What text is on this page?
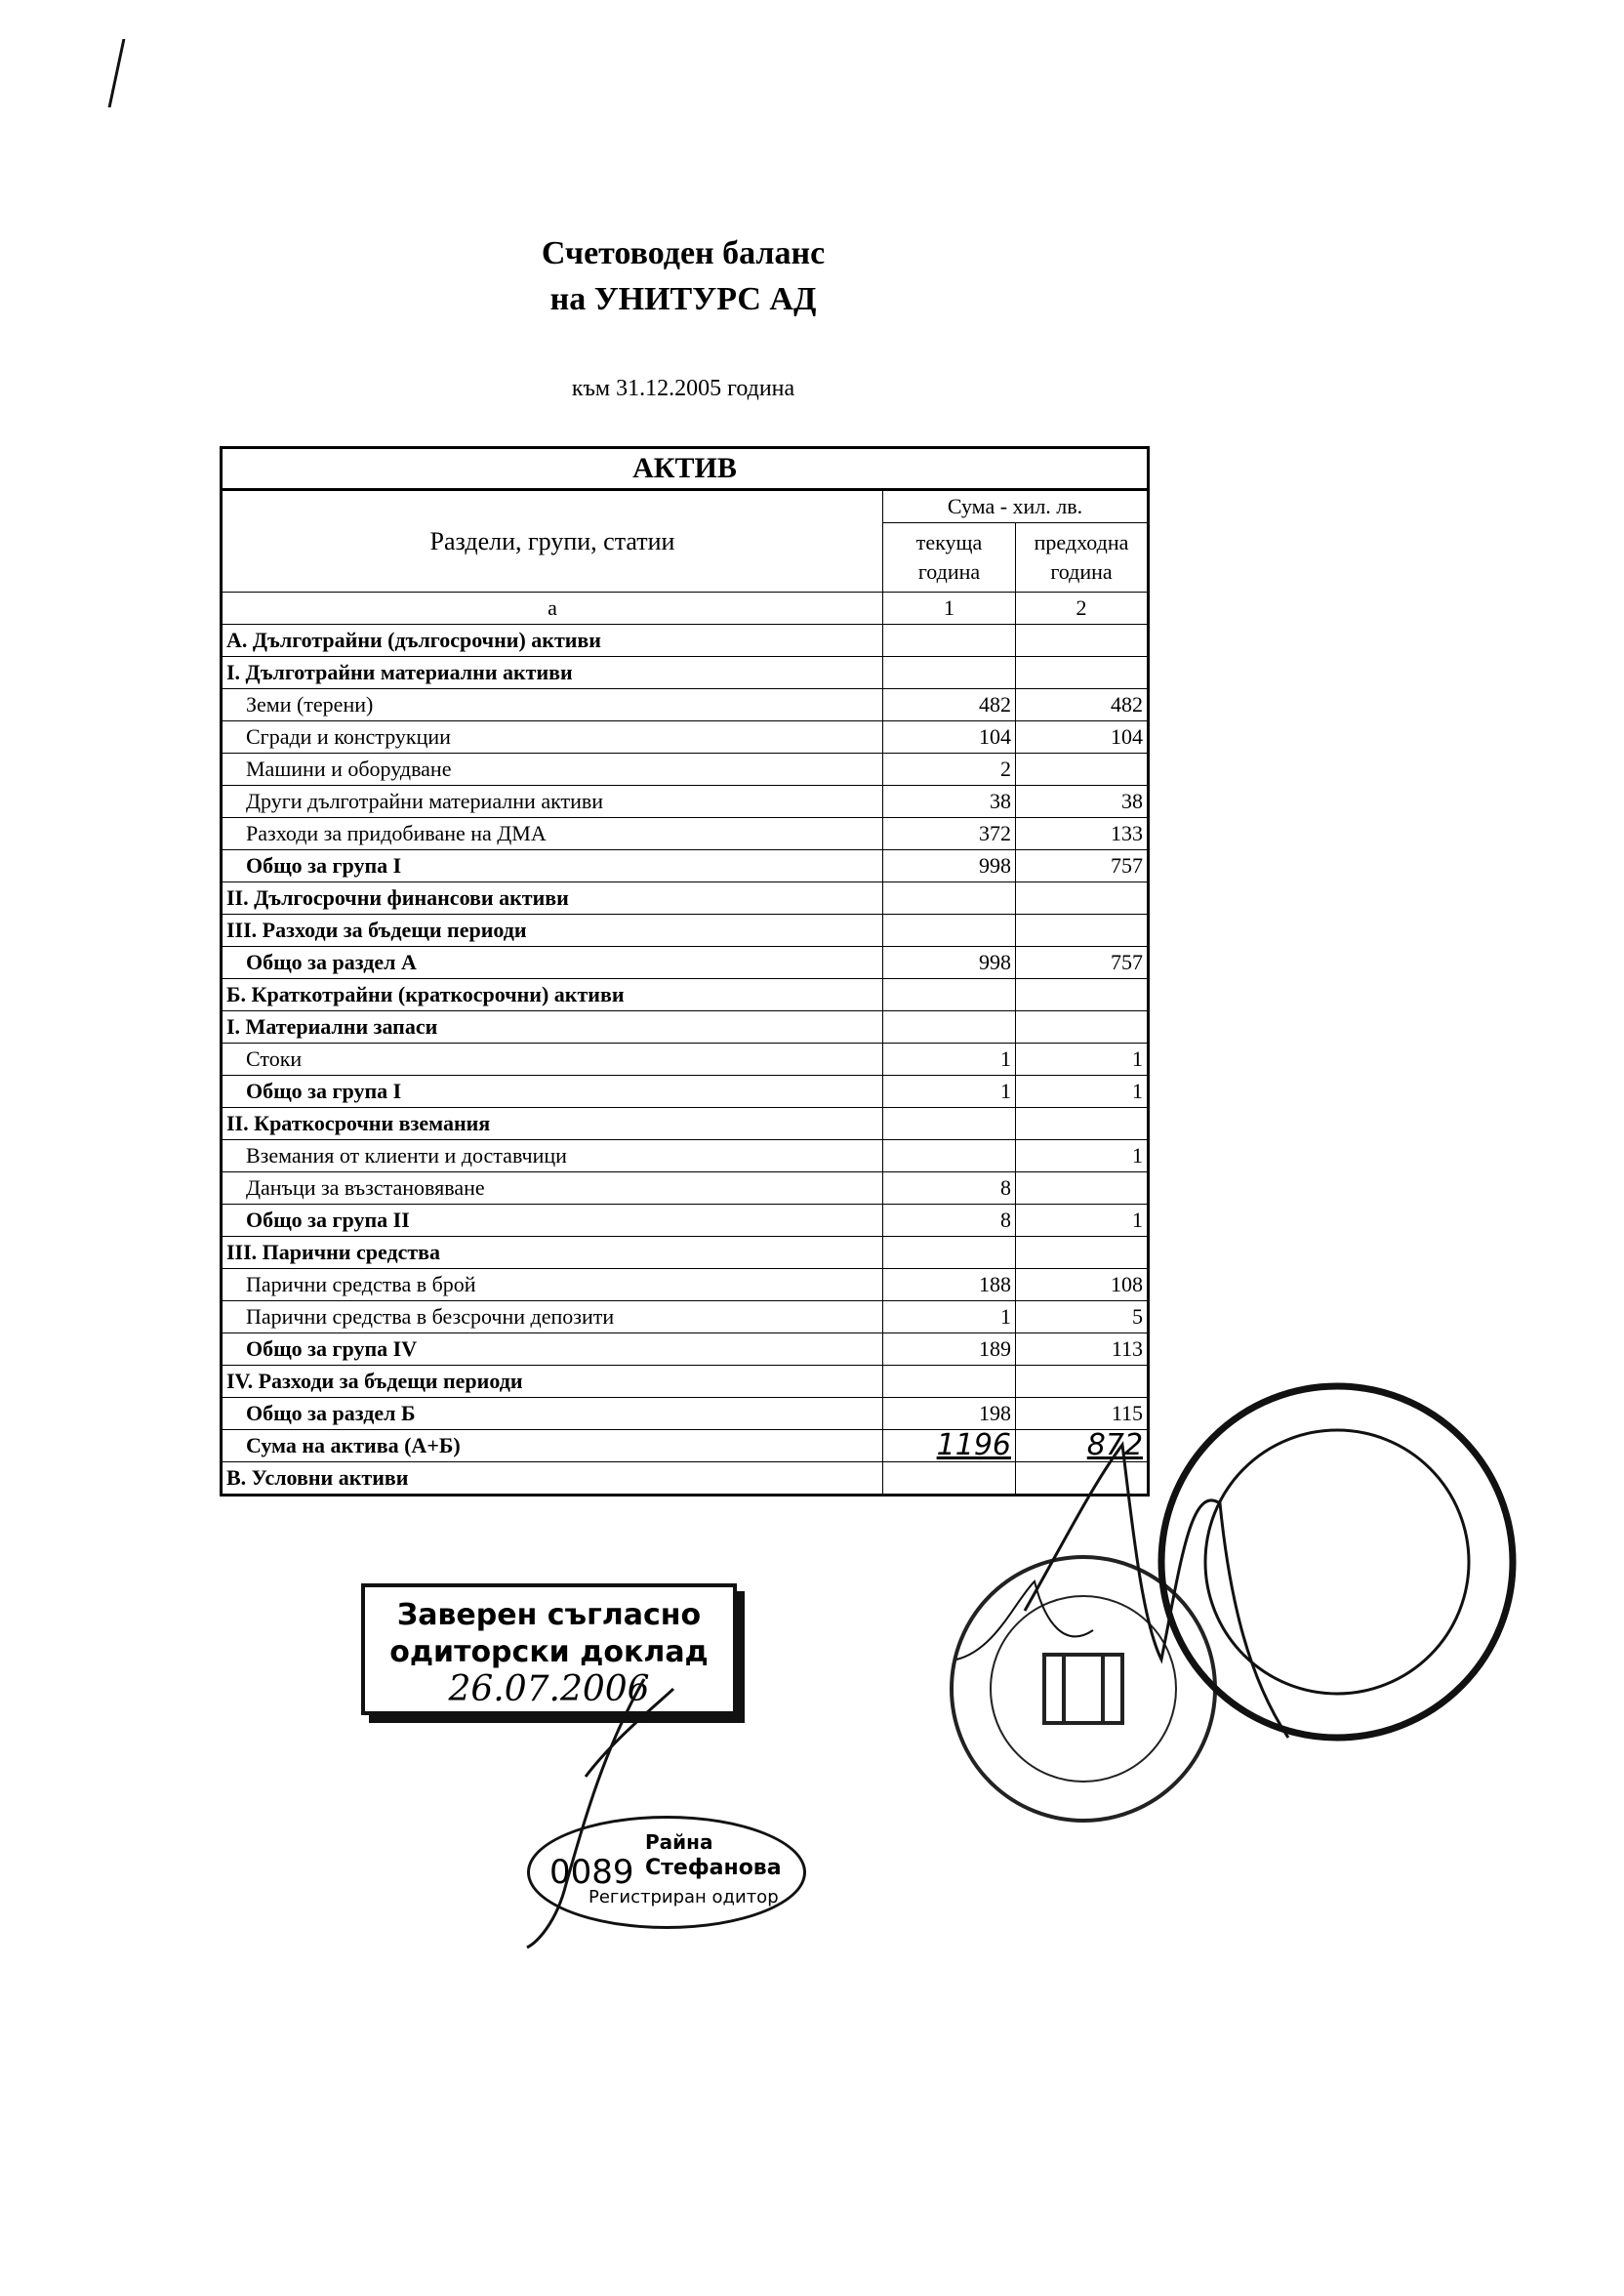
Счетоводен баланс
на УНИТУРС АД
към 31.12.2005 година
АКТИВ		
Раздели, групи, статии	Сума - хил. лв.	
	текуща година	предходна година
а	1	2
А. Дълготрайни (дългосрочни) активи		
I. Дълготрайни материални активи		
Земи (терени)	482	482
Сгради и конструкции	104	104
Машини и оборудване	2	
Други дълготрайни материални активи	38	38
Разходи за придобиване на ДМА	372	133
Общо за група I	998	757
II. Дългосрочни финансови активи		
III. Разходи за бъдещи периоди		
Общо за раздел А	998	757
Б. Краткотрайни (краткосрочни) активи		
I. Материални запаси		
Стоки	1	1
Общо за група I	1	1
II. Краткосрочни вземания		
Вземания от клиенти и доставчици		1
Данъци за възстановяване	8	
Общо за група II	8	1
III. Парични средства		
Парични средства в брой	188	108
Парични средства в безсрочни депозити	1	5
Общо за група IV	189	113
IV. Разходи за бъдещи периоди		
Общо за раздел Б	198	115
Сума на актива (А+Б)	1196	872
В. Условни активи		
Заверен съгласно
одиторски доклад
26.07.2006
0089
Райна
Стефанова
Регистриран одитор
